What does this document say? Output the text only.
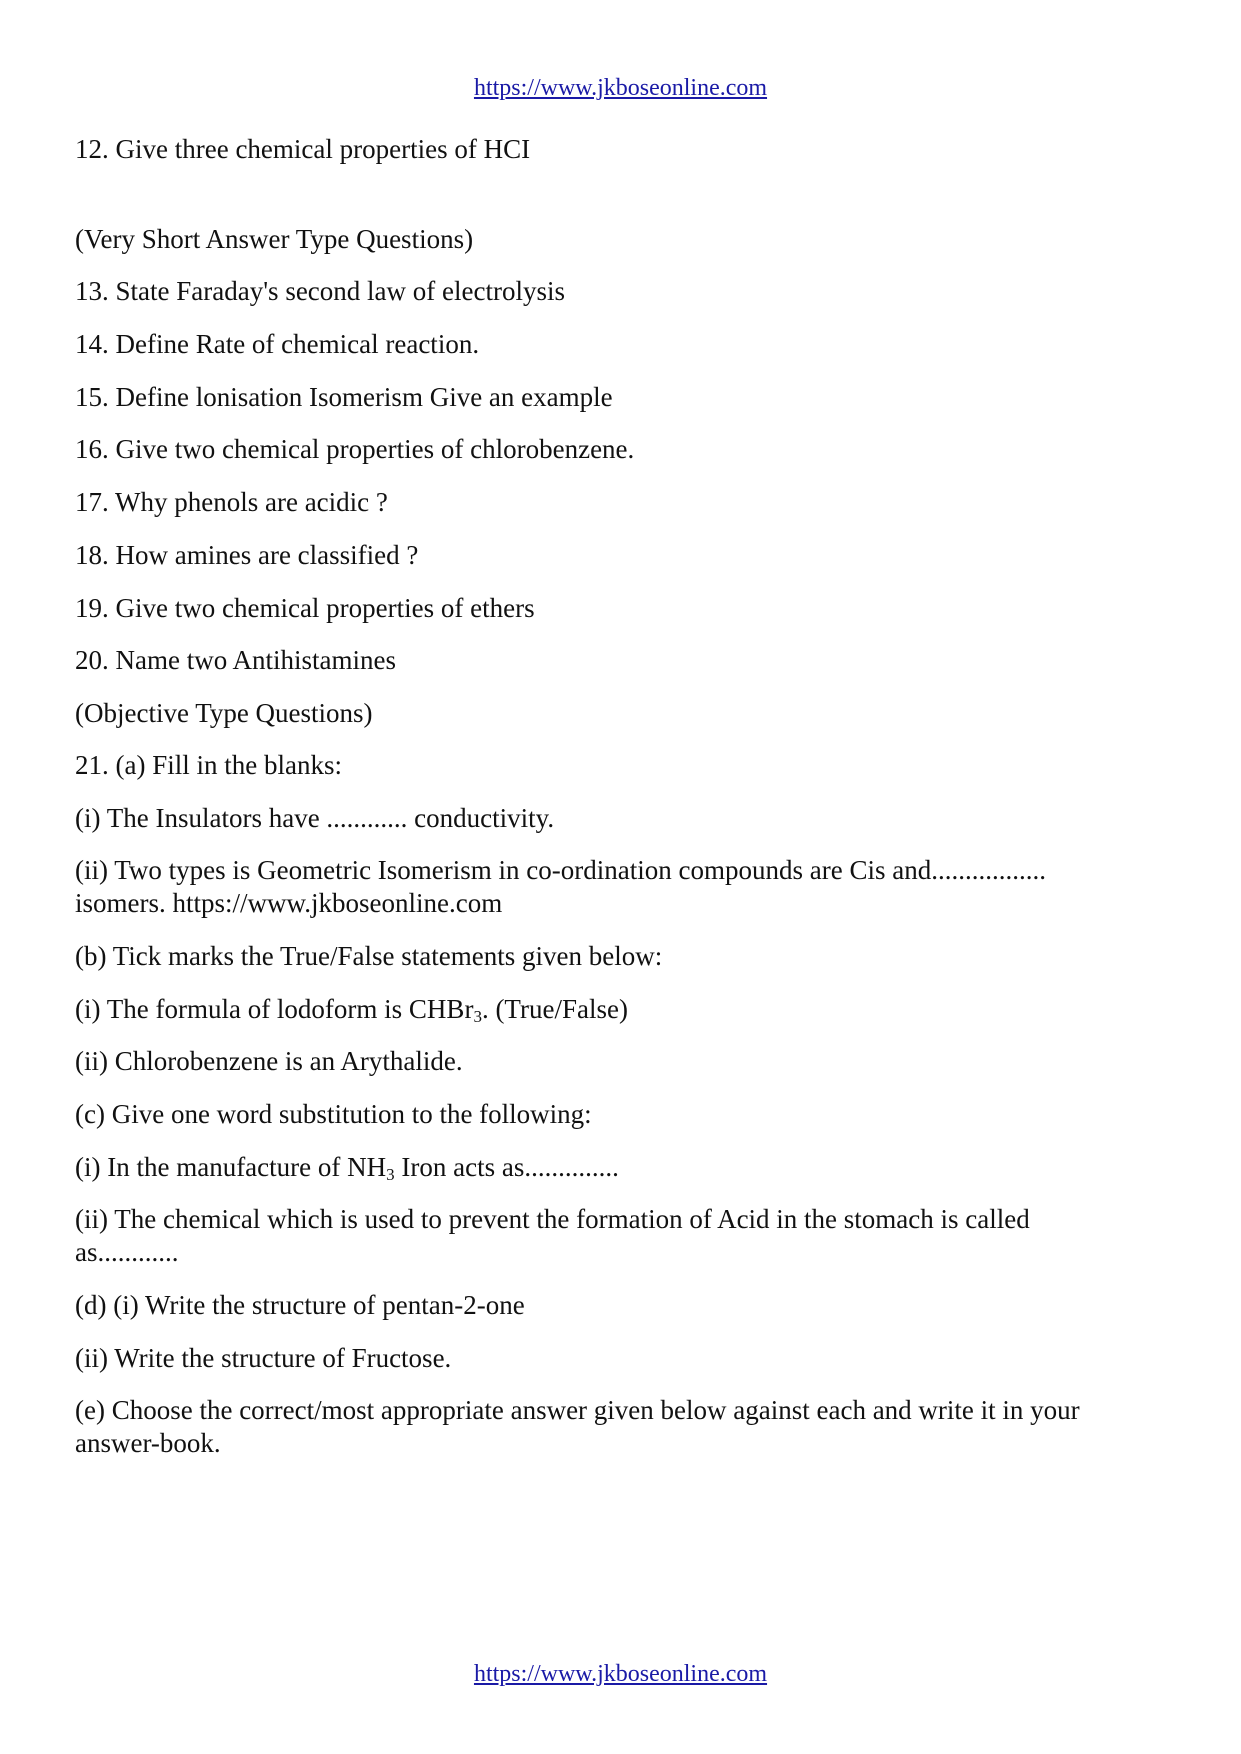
https://www.jkboseonline.com
12. Give three chemical properties of HCI
(Very Short Answer Type Questions)
13. State Faraday's second law of electrolysis
14. Define Rate of chemical reaction.
15. Define lonisation Isomerism Give an example
16. Give two chemical properties of chlorobenzene.
17. Why phenols are acidic ?
18. How amines are classified ?
19. Give two chemical properties of ethers
20. Name two Antihistamines
(Objective Type Questions)
21. (a) Fill in the blanks:
(i) The Insulators have ............ conductivity.
(ii) Two types is Geometric Isomerism in co-ordination compounds are Cis and.................
isomers. https://www.jkboseonline.com
(b) Tick marks the True/False statements given below:
(i) The formula of lodoform is CHBr$_3$. (True/False)
(ii) Chlorobenzene is an Arythalide.
(c) Give one word substitution to the following:
(i) In the manufacture of $NH_3$ Iron acts as..............
(ii) The chemical which is used to prevent the formation of Acid in the stomach is called
as............
(d) (i) Write the structure of pentan-2-one
(ii) Write the structure of Fructose.
(e) Choose the correct/most appropriate answer given below against each and write it in your
answer-book.
https://www.jkboseonline.com
